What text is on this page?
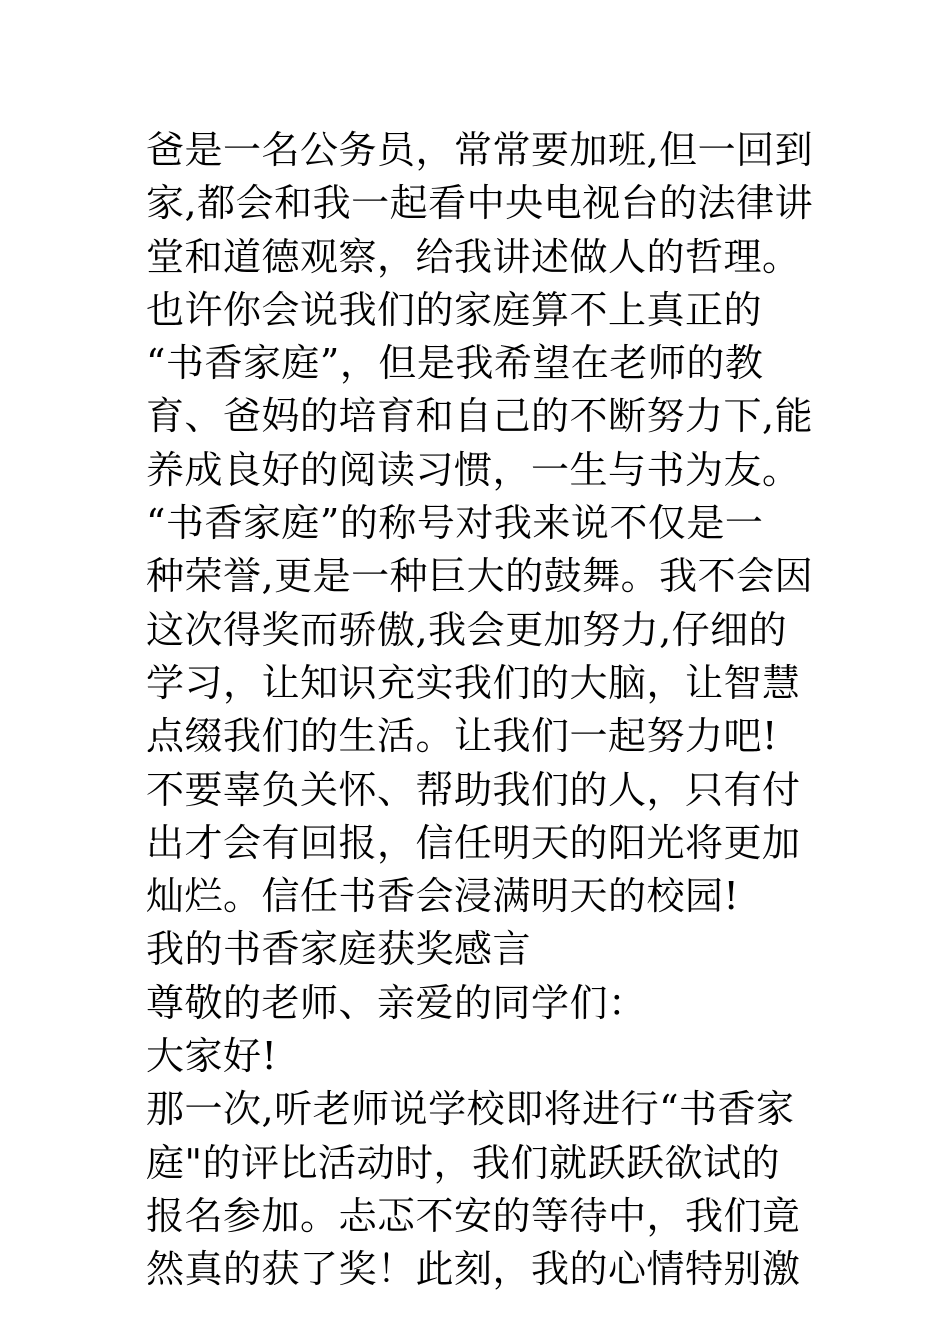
爸是一名公务员，常常要加班,但一回到
家,都会和我一起看中央电视台的法律讲
堂和道德观察，给我讲述做人的哲理。
也许你会说我们的家庭算不上真正的
“书香家庭”，但是我希望在老师的教
育、爸妈的培育和自己的不断努力下,能
养成良好的阅读习惯，一生与书为友。
“书香家庭”的称号对我来说不仅是一
种荣誉,更是一种巨大的鼓舞。我不会因
这次得奖而骄傲,我会更加努力,仔细的
学习，让知识充实我们的大脑，让智慧
点缀我们的生活。让我们一起努力吧!
不要辜负关怀、帮助我们的人，只有付
出才会有回报，信任明天的阳光将更加
灿烂。信任书香会浸满明天的校园!
我的书香家庭获奖感言
尊敬的老师、亲爱的同学们：
大家好!
那一次,听老师说学校即将进行“书香家
庭"的评比活动时，我们就跃跃欲试的
报名参加。忐忑不安的等待中，我们竟
然真的获了奖！此刻，我的心情特别激
